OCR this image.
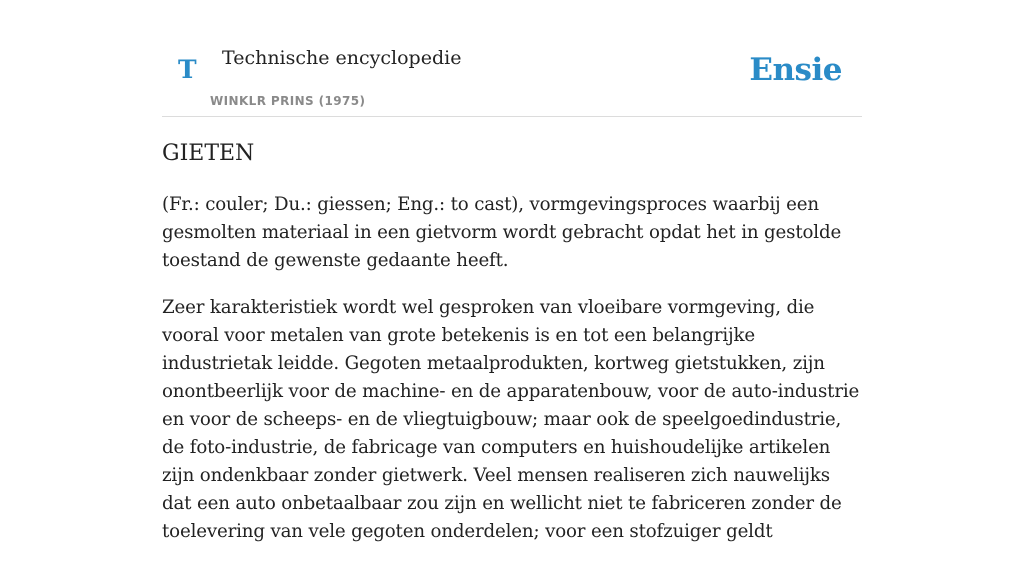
T Technische encyclopedie
WINKLR PRINS (1975)
Ensie
GIETEN

(Fr.: couler; Du.: giessen; Eng.: to cast), vormgevingsproces waarbij een gesmolten materiaal in een gietvorm wordt gebracht opdat het in gestolde toestand de gewenste gedaante heeft.

Zeer karakteristiek wordt wel gesproken van vloeibare vormgeving, die vooral voor metalen van grote betekenis is en tot een belangrijke industrietak leidde. Gegoten metaalprodukten, kortweg gietstukken, zijn onontbeerlijk voor de machine- en de apparatenbouw, voor de auto-industrie en voor de scheeps- en de vliegtuigbouw; maar ook de speelgoedindustrie, de foto-industrie, de fabricage van computers en huishoudelijke artikelen zijn ondenkbaar zonder gietwerk. Veel mensen realiseren zich nauwelijks dat een auto onbetaalbaar zou zijn en wellicht niet te fabriceren zonder de toelevering van vele gegoten onderdelen; voor een stofzuiger geldt
